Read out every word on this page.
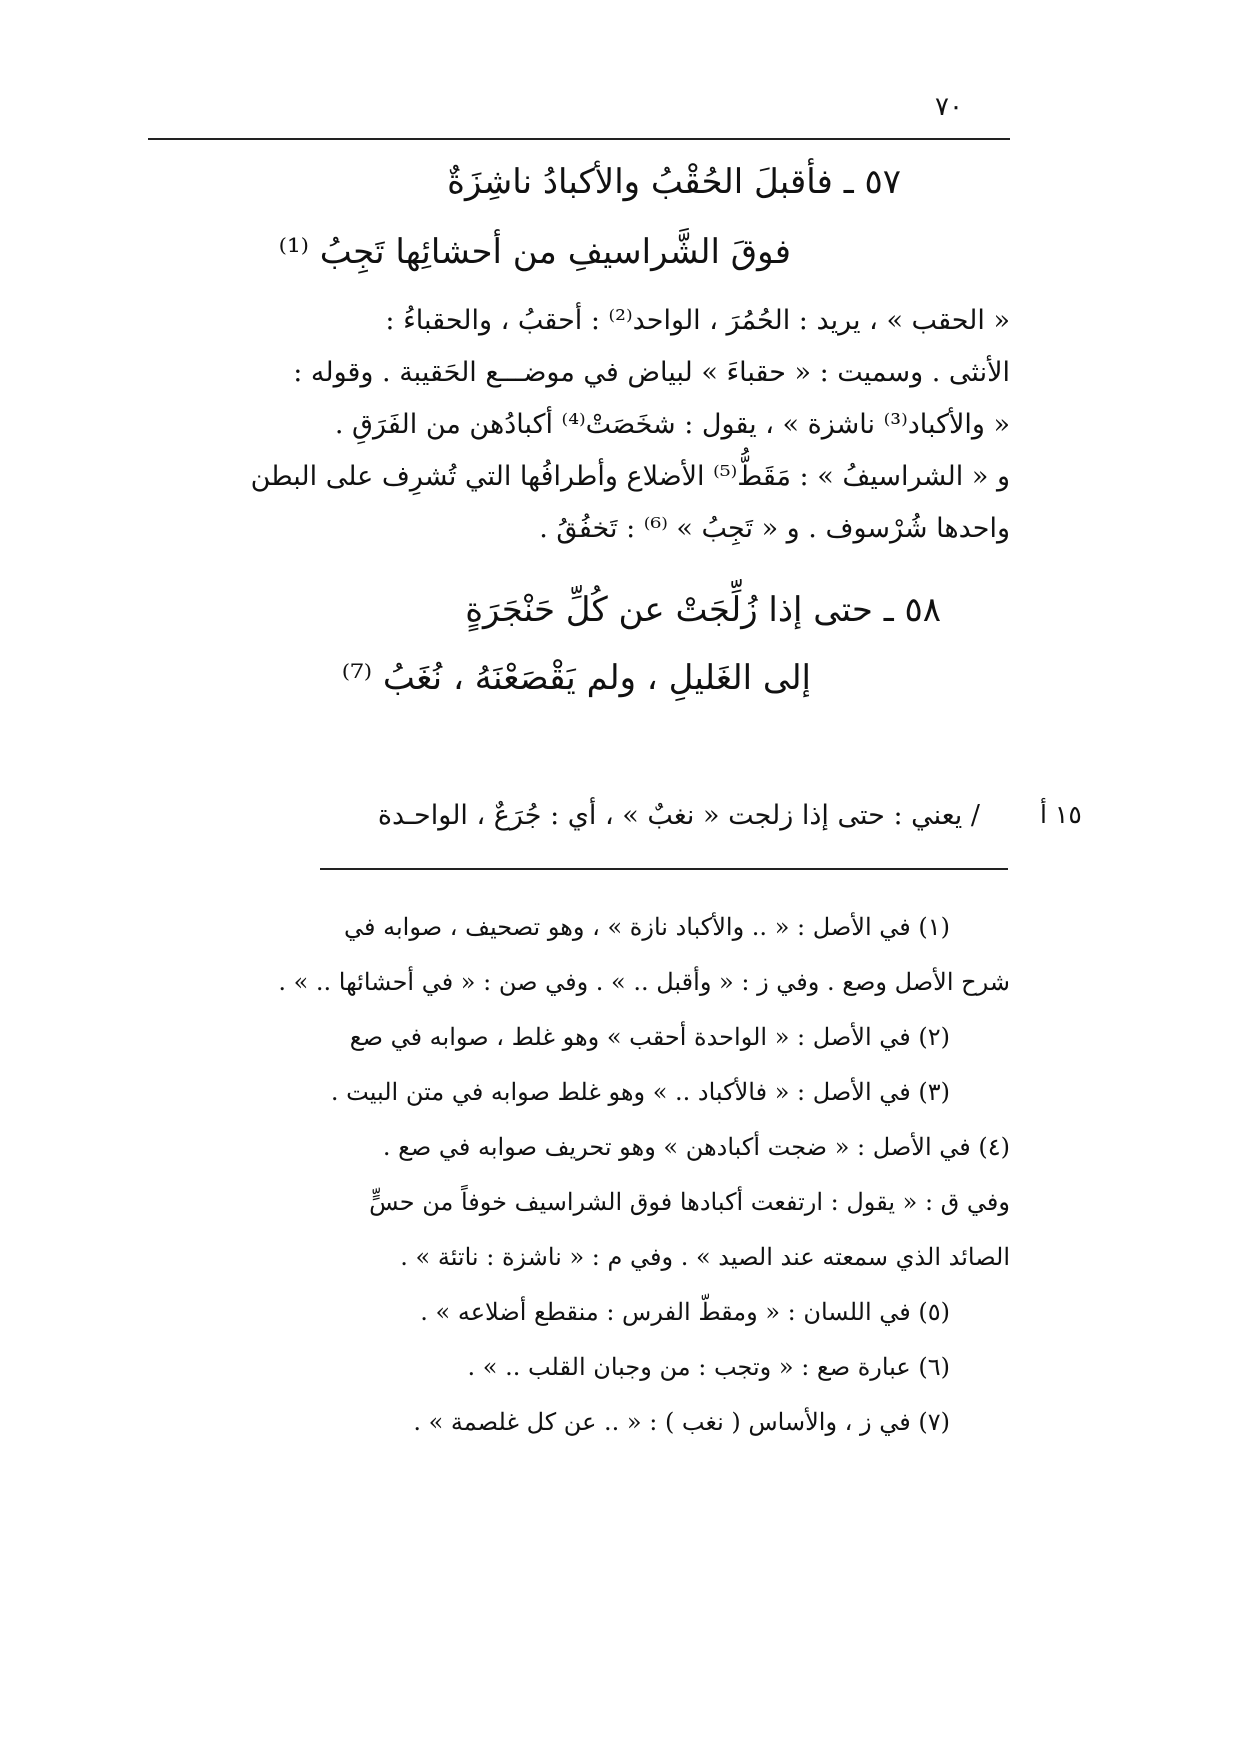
٧٠
٥٧ ـ فأقبلَ الحُقْبُ والأكبادُ ناشِزَةٌ
فوقَ الشَّراسيفِ من أحشائِها تَجِبُ ⁽¹⁾
« الحقب » ، يريد : الحُمُرَ ، الواحد⁽²⁾ : أحقبُ ، والحقباءُ :
الأنثى . وسميت : « حقباءَ » لبياض في موضـــع الحَقيبة . وقوله :
« والأكباد⁽³⁾ ناشزة » ، يقول : شخَصَتْ⁽⁴⁾ أكبادُهن من الفَرَقِ .
و « الشراسيفُ » : مَقَطُّ⁽⁵⁾ الأضلاع وأطرافُها التي تُشرِف على البطن
واحدها شُرْسوف . و « تَجِبُ » ⁽⁶⁾ : تَخفُقُ .
٥٨ ـ حتى إذا زُلِّجَتْ عن كُلِّ حَنْجَرَةٍ
إلى الغَليلِ ، ولم يَقْصَعْنَهُ ، نُغَبُ ⁽⁷⁾
/ يعني : حتى إذا زلجت « نغبٌ » ، أي : جُرَعٌ ، الواحـدة ١٥ أ
(١) في الأصل : « .. والأكباد نازة » ، وهو تصحيف ، صوابه في
شرح الأصل وصع . وفي ز : « وأقبل .. » . وفي صن : « في أحشائها .. » .
(٢) في الأصل : « الواحدة أحقب » وهو غلط ، صوابه في صع
(٣) في الأصل : « فالأكباد .. » وهو غلط صوابه في متن البيت .
(٤) في الأصل : « ضجت أكبادهن » وهو تحريف صوابه في صع .
وفي ق : « يقول : ارتفعت أكبادها فوق الشراسيف خوفاً من حسٍّ
الصائد الذي سمعته عند الصيد » . وفي م : « ناشزة : ناتئة » .
(٥) في اللسان : « ومقطّ الفرس : منقطع أضلاعه » .
(٦) عبارة صع : « وتجب : من وجبان القلب .. » .
(٧) في ز ، والأساس ( نغب ) : « .. عن كل غلصمة » .
